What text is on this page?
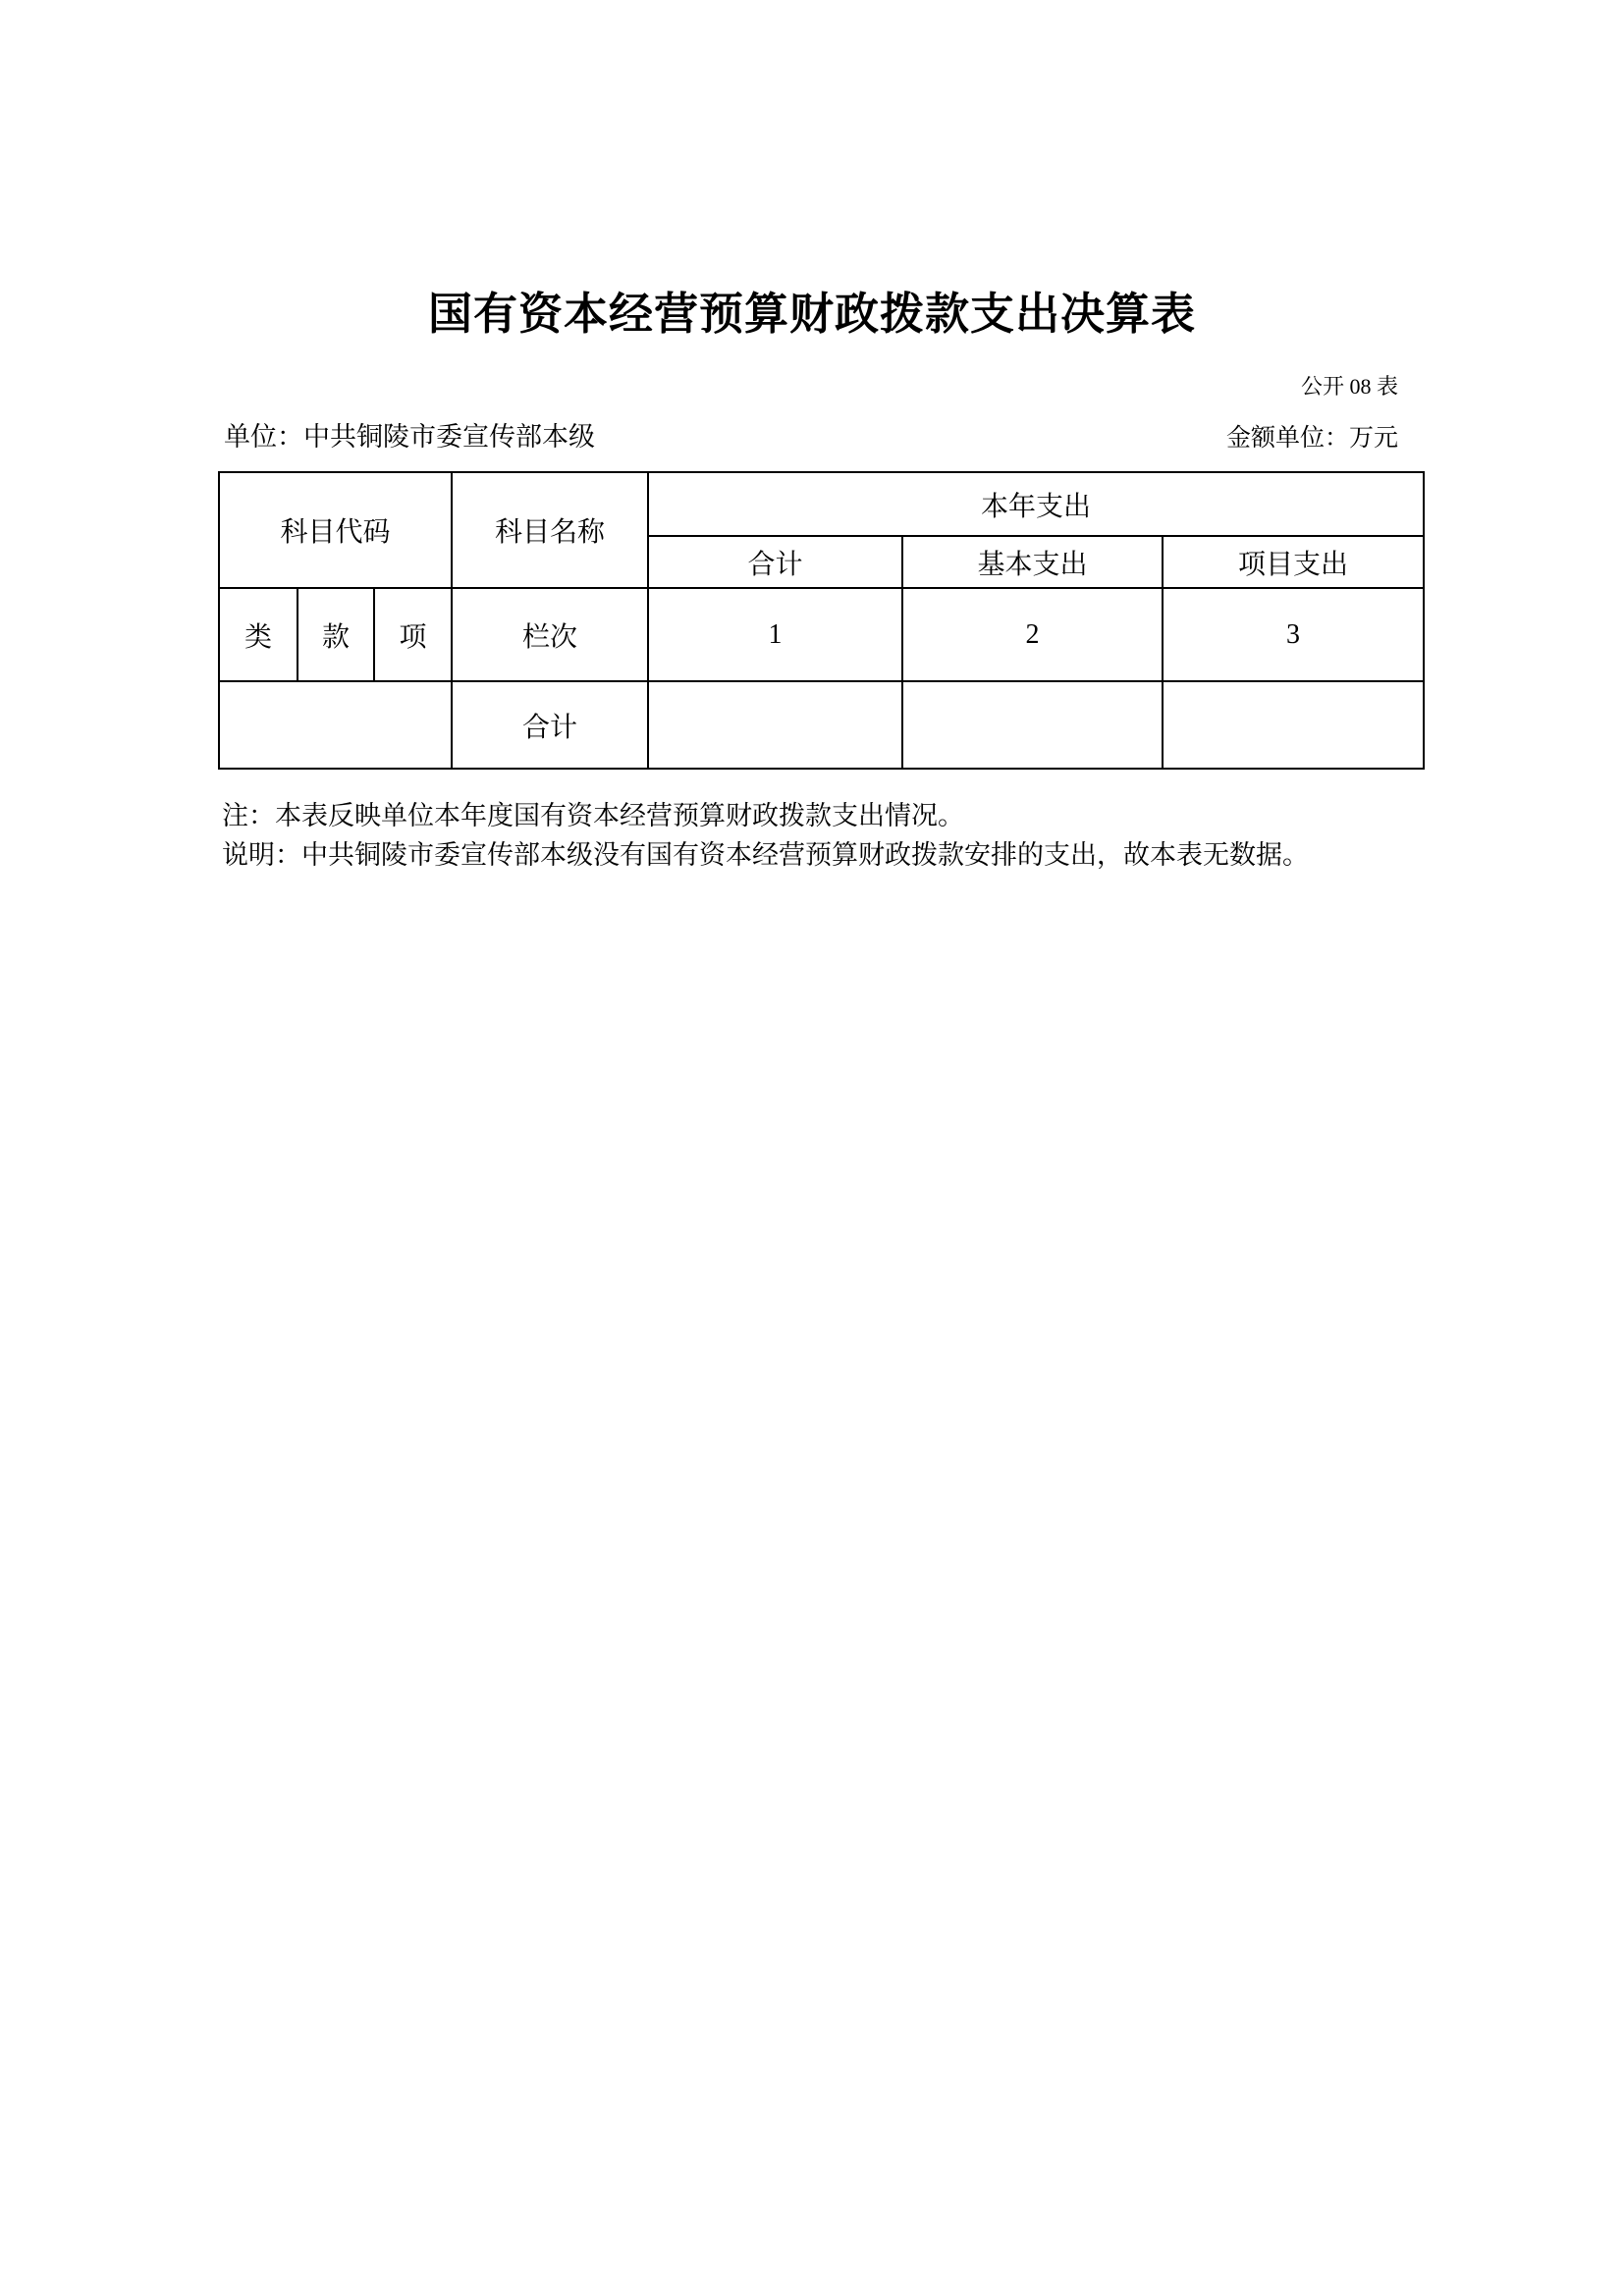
国有资本经营预算财政拨款支出决算表
公开 08 表
单位：中共铜陵市委宣传部本级	金额单位：万元
科目代码			科目名称	本年支出		
				合计	基本支出	项目支出
类	款	项	栏次	1	2	3
			合计			
注：本表反映单位本年度国有资本经营预算财政拨款支出情况。
说明：中共铜陵市委宣传部本级没有国有资本经营预算财政拨款安排的支出，故本表无数据。
